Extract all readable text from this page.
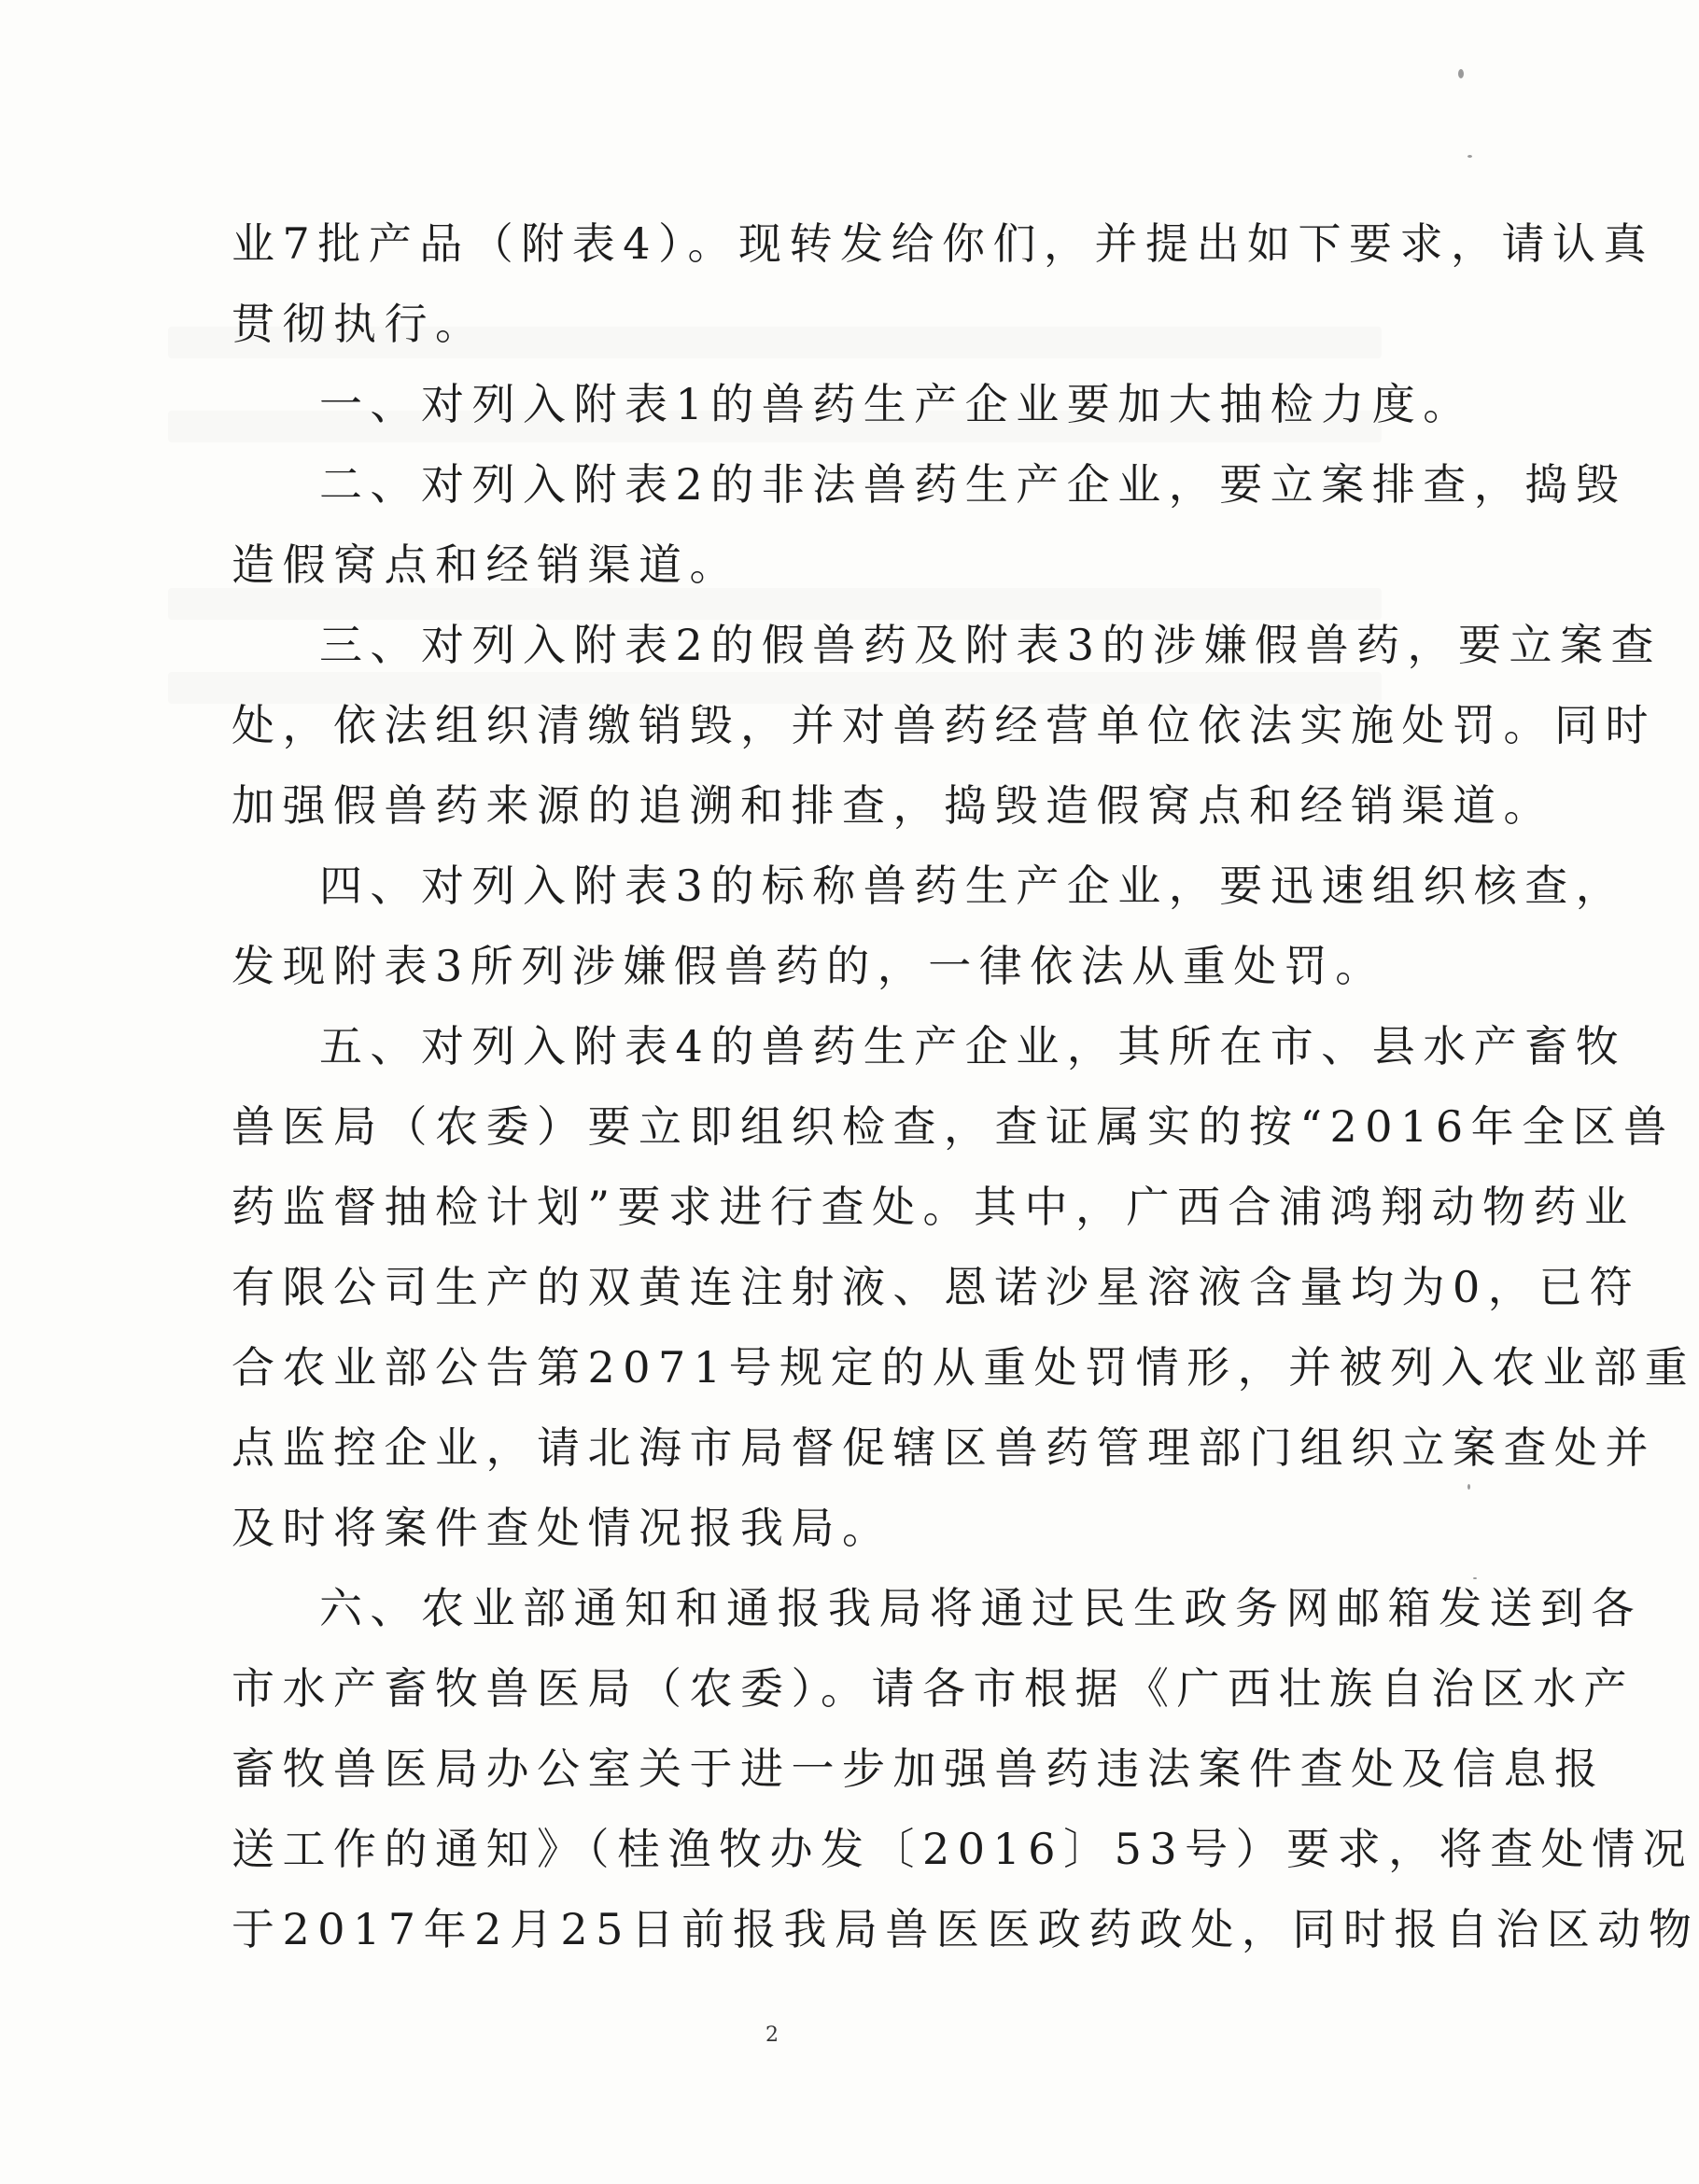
业7批产品（附表4）。现转发给你们，并提出如下要求，请认真
贯彻执行。
一、对列入附表1的兽药生产企业要加大抽检力度。
二、对列入附表2的非法兽药生产企业，要立案排查，捣毁
造假窝点和经销渠道。
三、对列入附表2的假兽药及附表3的涉嫌假兽药，要立案查
处，依法组织清缴销毁，并对兽药经营单位依法实施处罚。同时
加强假兽药来源的追溯和排查，捣毁造假窝点和经销渠道。
四、对列入附表3的标称兽药生产企业，要迅速组织核查，
发现附表3所列涉嫌假兽药的，一律依法从重处罚。
五、对列入附表4的兽药生产企业，其所在市、县水产畜牧
兽医局（农委）要立即组织检查，查证属实的按“2016年全区兽
药监督抽检计划”要求进行查处。其中，广西合浦鸿翔动物药业
有限公司生产的双黄连注射液、恩诺沙星溶液含量均为0，已符
合农业部公告第2071号规定的从重处罚情形，并被列入农业部重
点监控企业，请北海市局督促辖区兽药管理部门组织立案查处并
及时将案件查处情况报我局。
六、农业部通知和通报我局将通过民生政务网邮箱发送到各
市水产畜牧兽医局（农委）。请各市根据《广西壮族自治区水产
畜牧兽医局办公室关于进一步加强兽药违法案件查处及信息报
送工作的通知》（桂渔牧办发〔2016〕53号）要求，将查处情况
于2017年2月25日前报我局兽医医政药政处，同时报自治区动物
2
